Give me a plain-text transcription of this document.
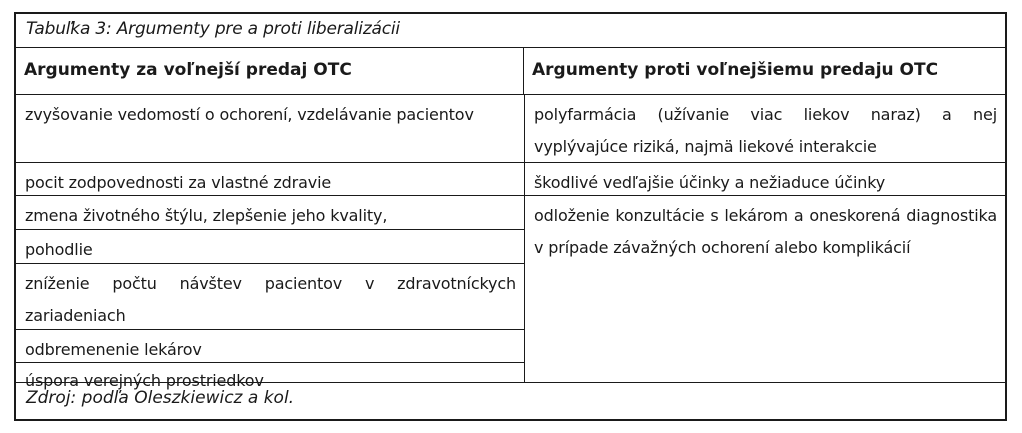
Tabuľka 3: Argumenty pre a proti liberalizácii
Argumenty za voľnejší predaj OTC	Argumenty proti voľnejšiemu predaju OTC
zvyšovanie vedomostí o ochorení, vzdelávanie pacientov
pocit zodpovednosti za vlastné zdravie
zmena životného štýlu, zlepšenie jeho kvality,
pohodlie
zníženie počtu návštev pacientov v zdravotníckych zariadeniach
odbremenenie lekárov
úspora verejných prostriedkov
polyfarmácia (užívanie viac liekov naraz) a nej vyplývajúce riziká, najmä liekové interakcie
škodlivé vedľajšie účinky a nežiaduce účinky
odloženie konzultácie s lekárom a oneskorená diagnostika v prípade závažných ochorení alebo komplikácií
Zdroj: podľa Oleszkiewicz a kol.
